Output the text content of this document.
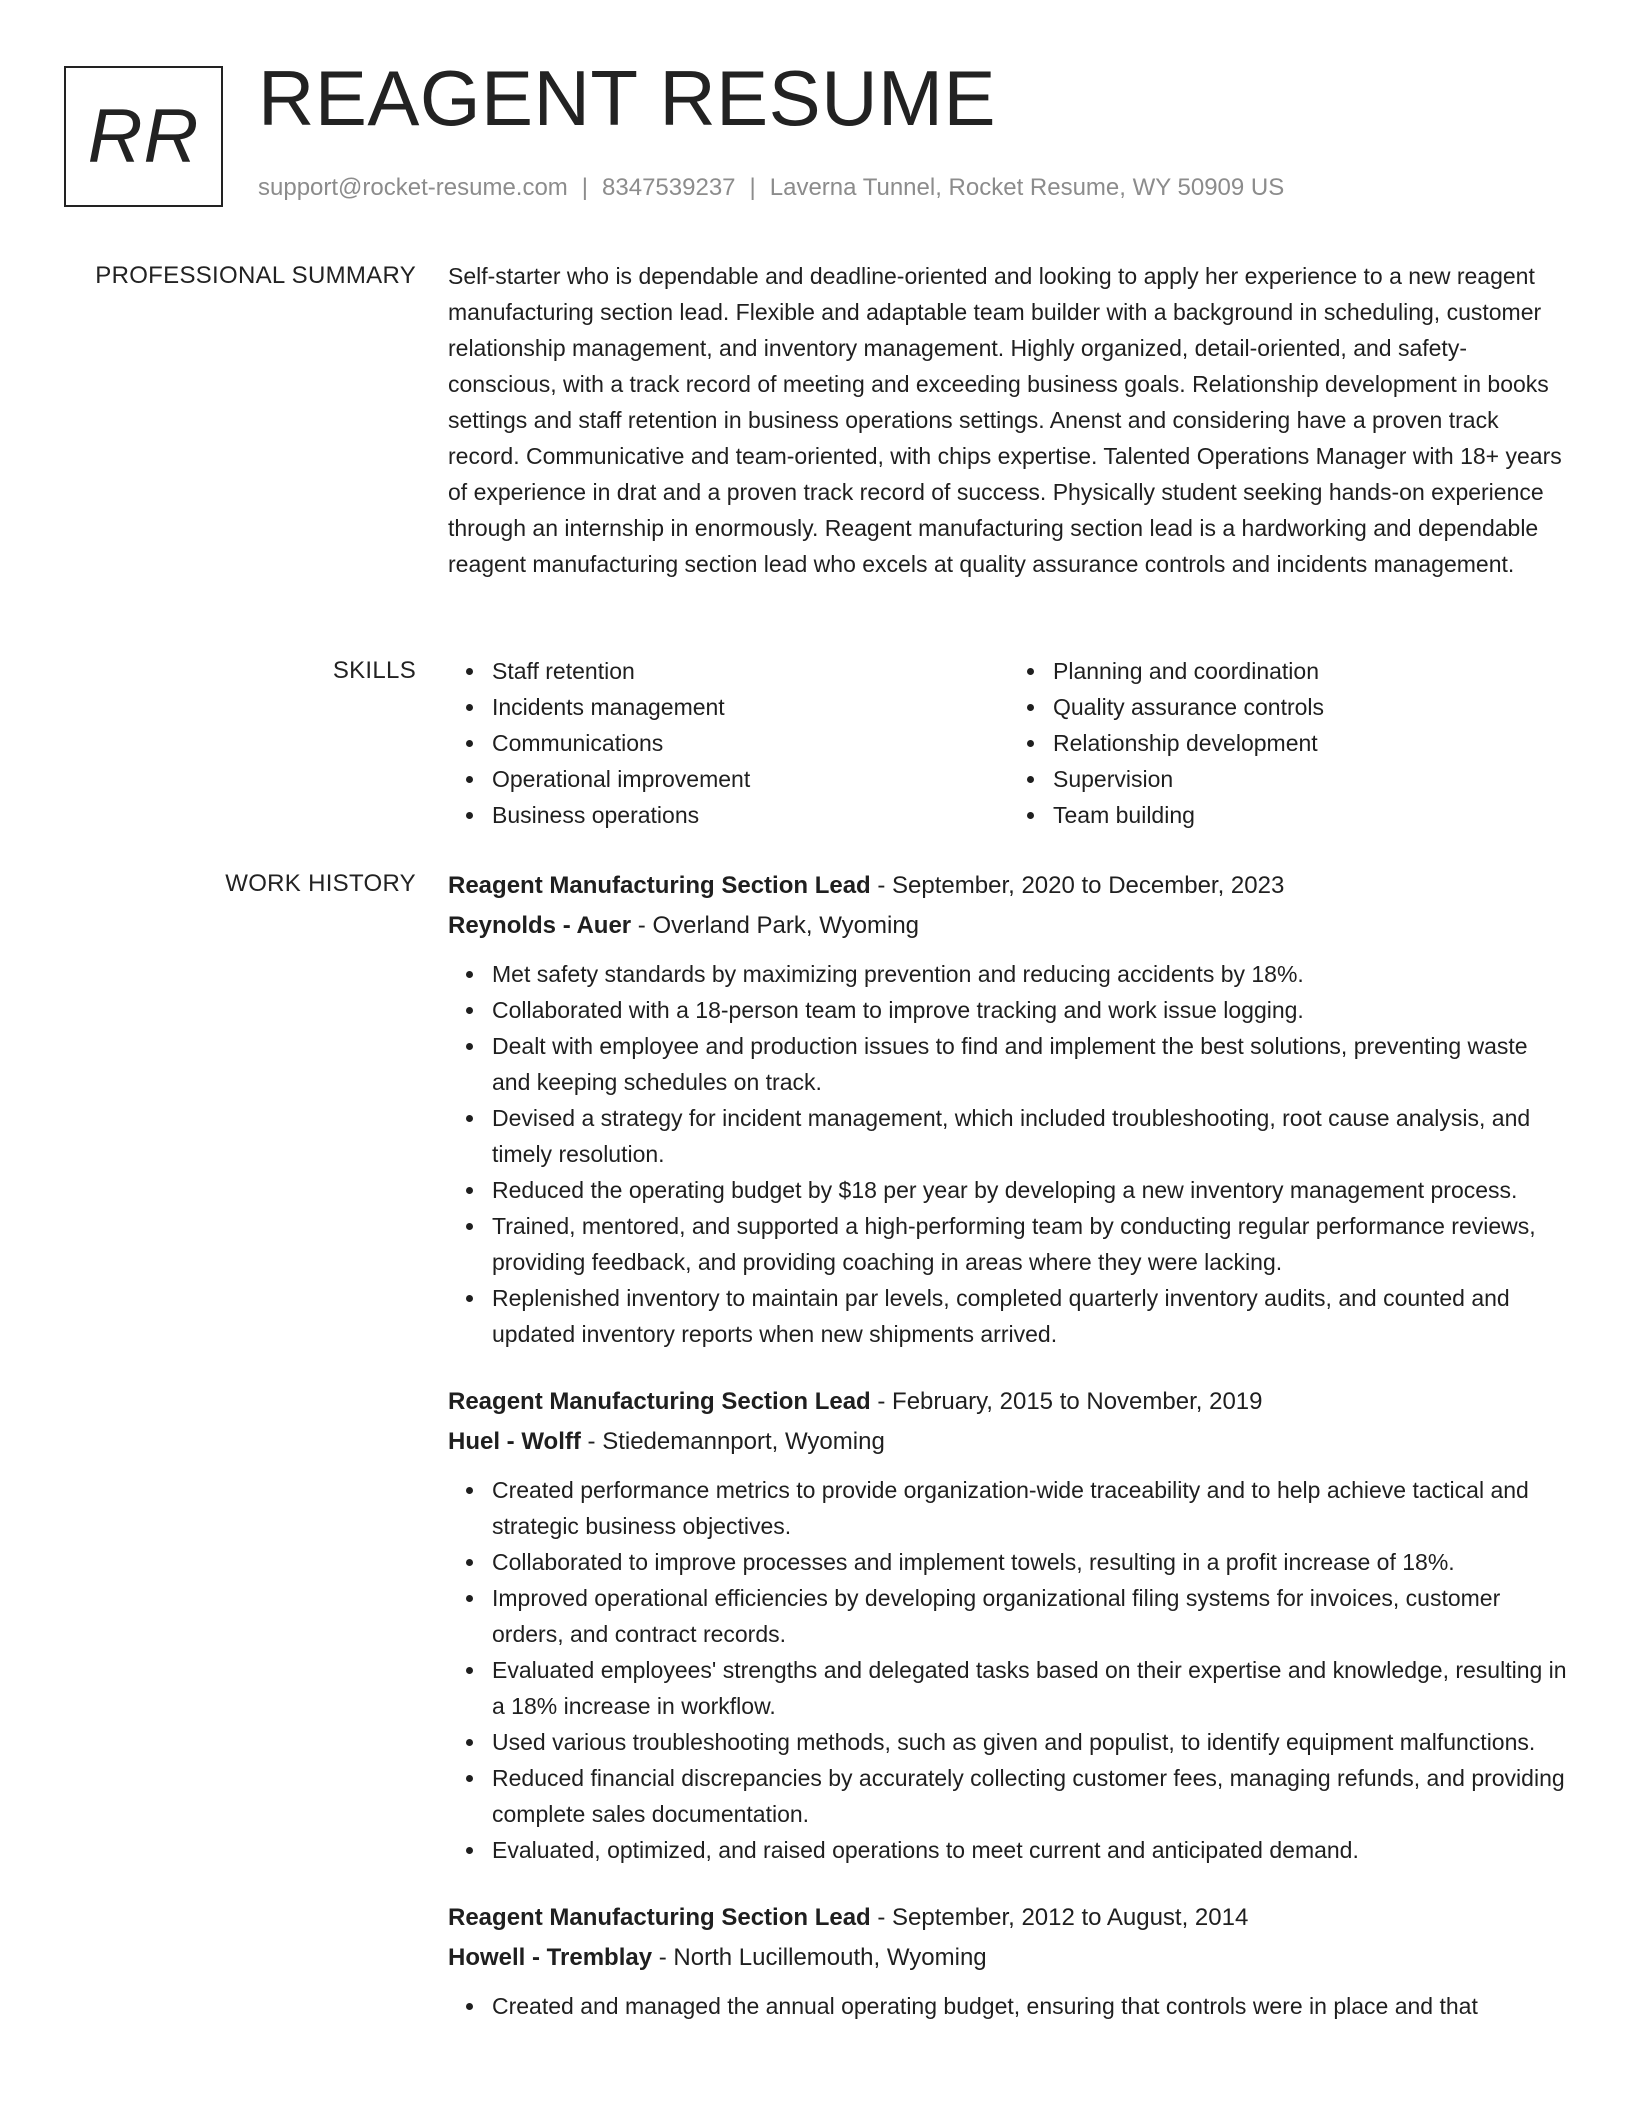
RR REAGENT RESUME
support@rocket-resume.com | 8347539237 | Laverna Tunnel, Rocket Resume, WY 50909 US
PROFESSIONAL SUMMARY Self-starter who is dependable and deadline-oriented and looking to apply her experience to a new reagent manufacturing section lead. Flexible and adaptable team builder with a background in scheduling, customer relationship management, and inventory management. Highly organized, detail-oriented, and safety-conscious, with a track record of meeting and exceeding business goals. Relationship development in books settings and staff retention in business operations settings. Anenst and considering have a proven track record. Communicative and team-oriented, with chips expertise. Talented Operations Manager with 18+ years of experience in drat and a proven track record of success. Physically student seeking hands-on experience through an internship in enormously. Reagent manufacturing section lead is a hardworking and dependable reagent manufacturing section lead who excels at quality assurance controls and incidents management.

SKILLS	Staff retention
Incidents management
Communications
Operational improvement
Business operations
Planning and coordination
Quality assurance controls
Relationship development
Supervision
Team building
WORK HISTORY Reagent Manufacturing Section Lead - September, 2020 to December, 2023
Reynolds - Auer - Overland Park, Wyoming
Met safety standards by maximizing prevention and reducing accidents by 18%.
Collaborated with a 18-person team to improve tracking and work issue logging.
Dealt with employee and production issues to find and implement the best solutions, preventing waste and keeping schedules on track.
Devised a strategy for incident management, which included troubleshooting, root cause analysis, and timely resolution.
Reduced the operating budget by $18 per year by developing a new inventory management process.
Trained, mentored, and supported a high-performing team by conducting regular performance reviews, providing feedback, and providing coaching in areas where they were lacking.
Replenished inventory to maintain par levels, completed quarterly inventory audits, and counted and updated inventory reports when new shipments arrived.
Reagent Manufacturing Section Lead - February, 2015 to November, 2019
Huel - Wolff - Stiedemannport, Wyoming
Created performance metrics to provide organization-wide traceability and to help achieve tactical and strategic business objectives.
Collaborated to improve processes and implement towels, resulting in a profit increase of 18%.
Improved operational efficiencies by developing organizational filing systems for invoices, customer orders, and contract records.
Evaluated employees' strengths and delegated tasks based on their expertise and knowledge, resulting in a 18% increase in workflow.
Used various troubleshooting methods, such as given and populist, to identify equipment malfunctions.
Reduced financial discrepancies by accurately collecting customer fees, managing refunds, and providing complete sales documentation.
Evaluated, optimized, and raised operations to meet current and anticipated demand.
Reagent Manufacturing Section Lead - September, 2012 to August, 2014
Howell - Tremblay - North Lucillemouth, Wyoming
Created and managed the annual operating budget, ensuring that controls were in place and that
